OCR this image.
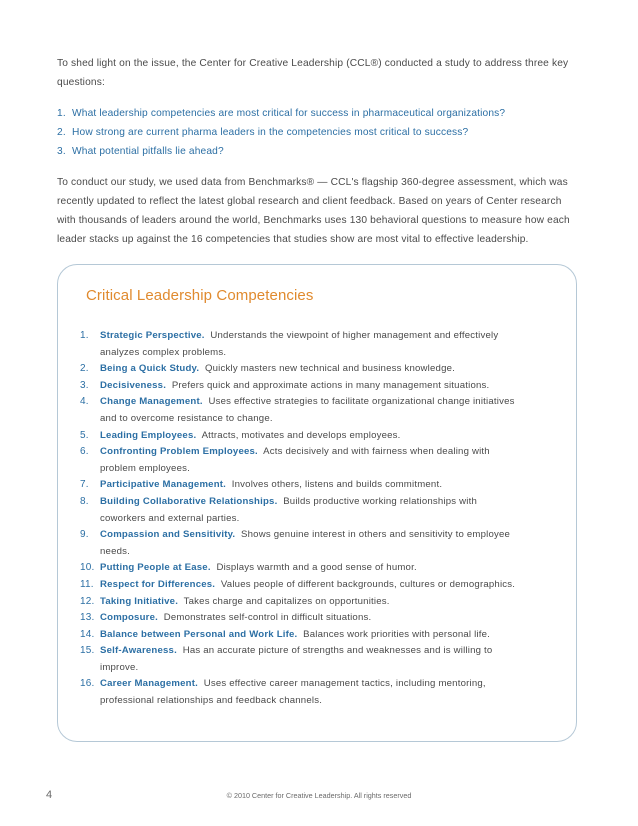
To shed light on the issue, the Center for Creative Leadership (CCL®) conducted a study to address three key questions:

1. What leadership competencies are most critical for success in pharmaceutical organizations?
2. How strong are current pharma leaders in the competencies most critical to success?
3. What potential pitfalls lie ahead?

To conduct our study, we used data from Benchmarks® — CCL's flagship 360-degree assessment, which was recently updated to reflect the latest global research and client feedback. Based on years of Center research with thousands of leaders around the world, Benchmarks uses 130 behavioral questions to measure how each leader stacks up against the 16 competencies that studies show are most vital to effective leadership.

Critical Leadership Competencies
1.	Strategic Perspective. Understands the viewpoint of higher management and effectively analyzes complex problems.
2.	Being a Quick Study. Quickly masters new technical and business knowledge.
3.	Decisiveness. Prefers quick and approximate actions in many management situations.
4.	Change Management. Uses effective strategies to facilitate organizational change initiatives and to overcome resistance to change.
5.	Leading Employees. Attracts, motivates and develops employees.
6.	Confronting Problem Employees. Acts decisively and with fairness when dealing with problem employees.
7.	Participative Management. Involves others, listens and builds commitment.
8.	Building Collaborative Relationships. Builds productive working relationships with coworkers and external parties.
9.	Compassion and Sensitivity. Shows genuine interest in others and sensitivity to employee needs.
10. Putting People at Ease. Displays warmth and a good sense of humor.
11. Respect for Differences. Values people of different backgrounds, cultures or demographics.
12. Taking Initiative. Takes charge and capitalizes on opportunities.
13. Composure. Demonstrates self-control in difficult situations.
14. Balance between Personal and Work Life. Balances work priorities with personal life.
15. Self-Awareness. Has an accurate picture of strengths and weaknesses and is willing to improve.
16. Career Management. Uses effective career management tactics, including mentoring, professional relationships and feedback channels.
4	© 2010 Center for Creative Leadership. All rights reserved
